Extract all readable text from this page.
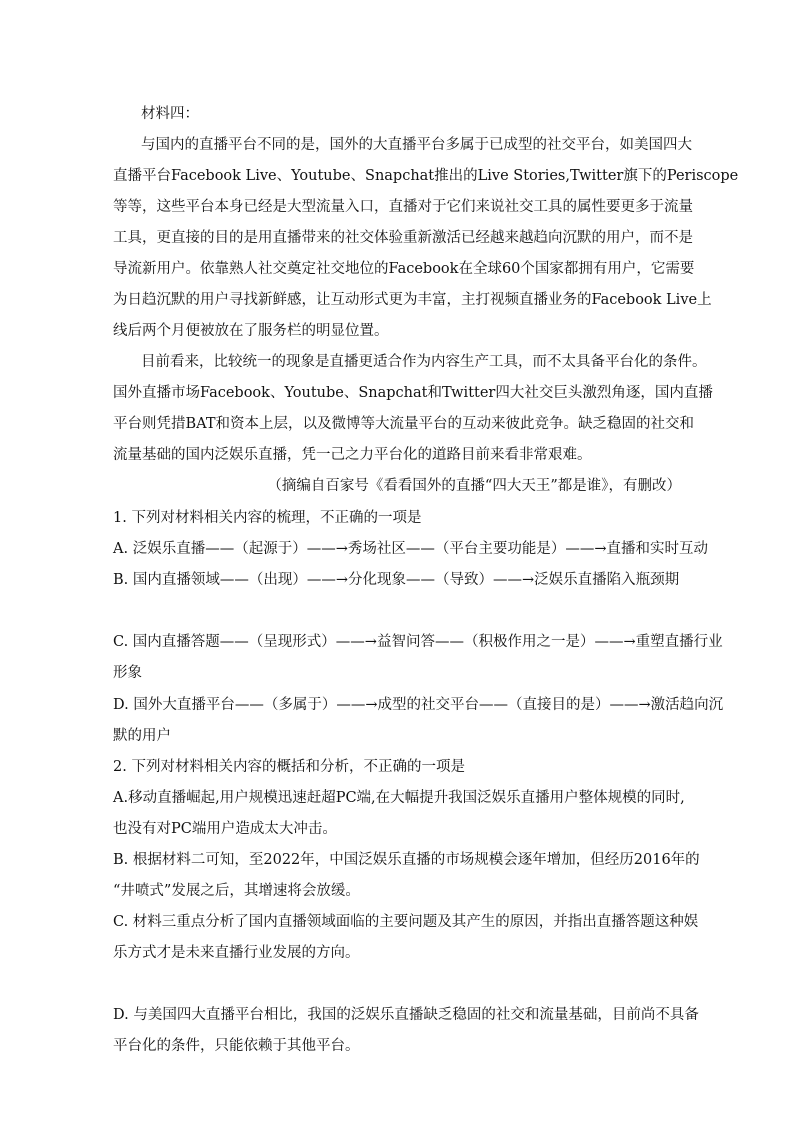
材料四：
与国内的直播平台不同的是，国外的大直播平台多属于已成型的社交平台，如美国四大
直播平台Facebook Live、Youtube、Snapchat推出的Live Stories,Twitter旗下的Periscope
等等，这些平台本身已经是大型流量入口，直播对于它们来说社交工具的属性要更多于流量
工具，更直接的目的是用直播带来的社交体验重新激活已经越来越趋向沉默的用户，而不是
导流新用户。依靠熟人社交奠定社交地位的Facebook在全球60个国家都拥有用户，它需要
为日趋沉默的用户寻找新鲜感，让互动形式更为丰富，主打视频直播业务的Facebook Live上
线后两个月便被放在了服务栏的明显位置。
目前看来，比较统一的现象是直播更适合作为内容生产工具，而不太具备平台化的条件。
国外直播市场Facebook、Youtube、Snapchat和Twitter四大社交巨头激烈角逐，国内直播
平台则凭措BAT和资本上层，以及微博等大流量平台的互动来彼此竞争。缺乏稳固的社交和
流量基础的国内泛娱乐直播，凭一己之力平台化的道路目前来看非常艰难。
（摘编自百家号《看看国外的直播“四大天王”都是谁》，有删改）
1. 下列对材料相关内容的梳理，不正确的一项是
A. 泛娱乐直播——（起源于）——→秀场社区——（平台主要功能是）——→直播和实时互动
B. 国内直播领域——（出现）——→分化现象——（导致）——→泛娱乐直播陷入瓶颈期
C. 国内直播答题——（呈现形式）——→益智问答——（积极作用之一是）——→重塑直播行业
形象
D. 国外大直播平台——（多属于）——→成型的社交平台——（直接目的是）——→激活趋向沉
默的用户
2. 下列对材料相关内容的概括和分析，不正确的一项是
A.移动直播崛起,用户规模迅速赶超PC端,在大幅提升我国泛娱乐直播用户整体规模的同时,
也没有对PC端用户造成太大冲击。
B. 根据材料二可知，至2022年，中国泛娱乐直播的市场规模会逐年增加，但经历2016年的
“井喷式”发展之后，其增速将会放缓。
C. 材料三重点分析了国内直播领域面临的主要问题及其产生的原因，并指出直播答题这种娱
乐方式才是未来直播行业发展的方向。
D. 与美国四大直播平台相比，我国的泛娱乐直播缺乏稳固的社交和流量基础，目前尚不具备
平台化的条件，只能依赖于其他平台。
